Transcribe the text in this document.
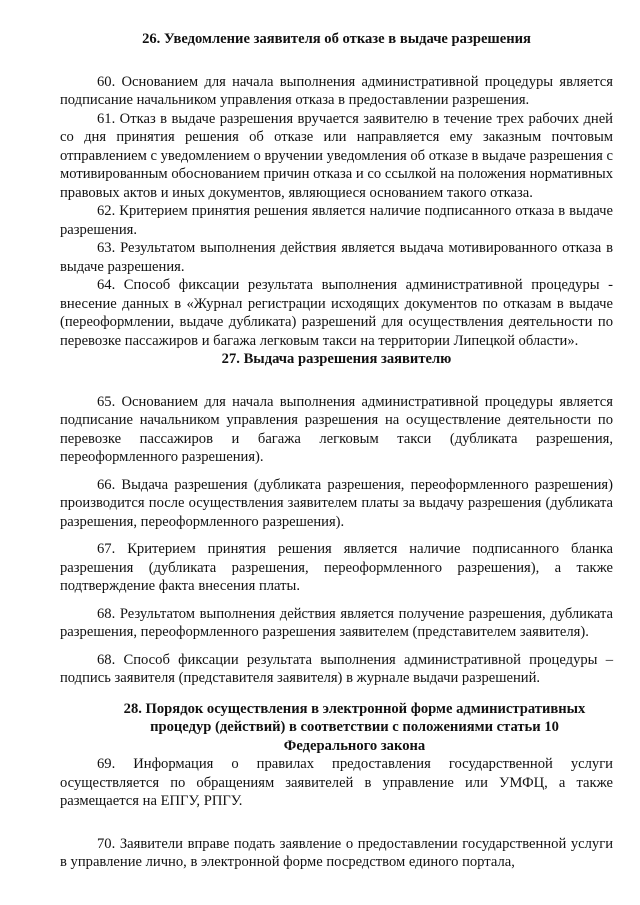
26. Уведомление заявителя об отказе в выдаче разрешения

60. Основанием для начала выполнения административной процедуры является подписание начальником управления отказа в предоставлении разрешения.

61. Отказ в выдаче разрешения вручается заявителю в течение трех рабочих дней со дня принятия решения об отказе или направляется ему заказным почтовым отправлением с уведомлением о вручении уведомления об отказе в выдаче разрешения с мотивированным обоснованием причин отказа и со ссылкой на положения нормативных правовых актов и иных документов, являющиеся основанием такого отказа.

62. Критерием принятия решения является наличие подписанного отказа в выдаче разрешения.

63. Результатом выполнения действия является выдача мотивированного отказа в выдаче разрешения.

64. Способ фиксации результата выполнения административной процедуры - внесение данных в «Журнал регистрации исходящих документов по отказам в выдаче (переоформлении, выдаче дубликата) разрешений для осуществления деятельности по перевозке пассажиров и багажа легковым такси на территории Липецкой области».

27. Выдача разрешения заявителю

65. Основанием для начала выполнения административной процедуры является подписание начальником управления разрешения на осуществление деятельности по перевозке пассажиров и багажа легковым такси (дубликата разрешения, переоформленного разрешения).

66. Выдача разрешения (дубликата разрешения, переоформленного разрешения) производится после осуществления заявителем платы за выдачу разрешения (дубликата разрешения, переоформленного разрешения).

67. Критерием принятия решения является наличие подписанного бланка разрешения (дубликата разрешения, переоформленного разрешения), а также подтверждение факта внесения платы.

68. Результатом выполнения действия является получение разрешения, дубликата разрешения, переоформленного разрешения заявителем (представителем заявителя).

68. Способ фиксации результата выполнения административной процедуры – подпись заявителя (представителя заявителя) в журнале выдачи разрешений.

28. Порядок осуществления в электронной форме административных процедур (действий) в соответствии с положениями статьи 10 Федерального закона

69. Информация о правилах предоставления государственной услуги осуществляется по обращениям заявителей в управление или УМФЦ, а также размещается на ЕПГУ, РПГУ.

70. Заявители вправе подать заявление о предоставлении государственной услуги в управление лично, в электронной форме посредством единого портала,
